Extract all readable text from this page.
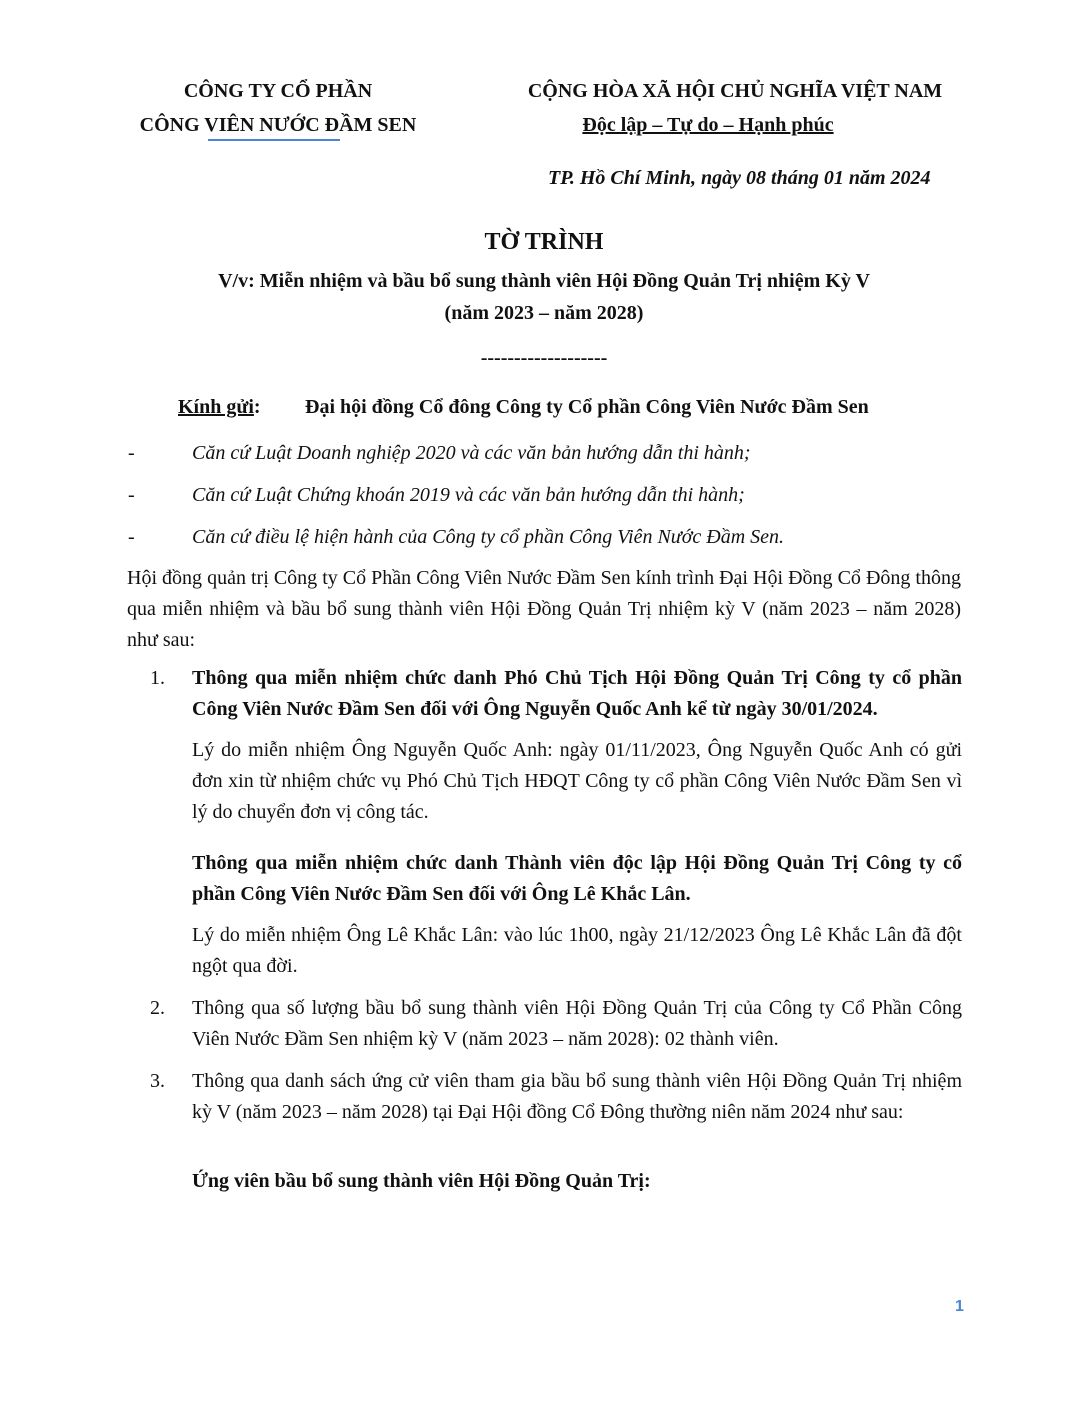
CÔNG TY CỔ PHẦN
CÔNG VIÊN NƯỚC ĐẦM SEN
CỘNG HÒA XÃ HỘI CHỦ NGHĨA VIỆT NAM
Độc lập – Tự do – Hạnh phúc
TP. Hồ Chí Minh, ngày 08 tháng 01 năm 2024
TỜ TRÌNH
V/v: Miễn nhiệm và bầu bổ sung thành viên Hội Đồng Quản Trị nhiệm Kỳ V
(năm 2023 – năm 2028)
-------------------
Kính gửi: Đại hội đồng Cổ đông Công ty Cổ phần Công Viên Nước Đầm Sen
-	Căn cứ Luật Doanh nghiệp 2020 và các văn bản hướng dẫn thi hành;
-	Căn cứ Luật Chứng khoán 2019 và các văn bản hướng dẫn thi hành;
-	Căn cứ điều lệ hiện hành của Công ty cổ phần Công Viên Nước Đầm Sen.
Hội đồng quản trị Công ty Cổ Phần Công Viên Nước Đầm Sen kính trình Đại Hội Đồng Cổ Đông thông qua miễn nhiệm và bầu bổ sung thành viên Hội Đồng Quản Trị nhiệm kỳ V (năm 2023 – năm 2028) như sau:
1. Thông qua miễn nhiệm chức danh Phó Chủ Tịch Hội Đồng Quản Trị Công ty cổ phần Công Viên Nước Đầm Sen đối với Ông Nguyễn Quốc Anh kể từ ngày 30/01/2024.
Lý do miễn nhiệm Ông Nguyễn Quốc Anh: ngày 01/11/2023, Ông Nguyễn Quốc Anh có gửi đơn xin từ nhiệm chức vụ Phó Chủ Tịch HĐQT Công ty cổ phần Công Viên Nước Đầm Sen vì lý do chuyển đơn vị công tác.
Thông qua miễn nhiệm chức danh Thành viên độc lập Hội Đồng Quản Trị Công ty cổ phần Công Viên Nước Đầm Sen đối với Ông Lê Khắc Lân.
Lý do miễn nhiệm Ông Lê Khắc Lân: vào lúc 1h00, ngày 21/12/2023 Ông Lê Khắc Lân đã đột ngột qua đời.
2. Thông qua số lượng bầu bổ sung thành viên Hội Đồng Quản Trị của Công ty Cổ Phần Công Viên Nước Đầm Sen nhiệm kỳ V (năm 2023 – năm 2028): 02 thành viên.
3. Thông qua danh sách ứng cử viên tham gia bầu bổ sung thành viên Hội Đồng Quản Trị nhiệm kỳ V (năm 2023 – năm 2028) tại Đại Hội đồng Cổ Đông thường niên năm 2024 như sau:
Ứng viên bầu bổ sung thành viên Hội Đồng Quản Trị:
1
